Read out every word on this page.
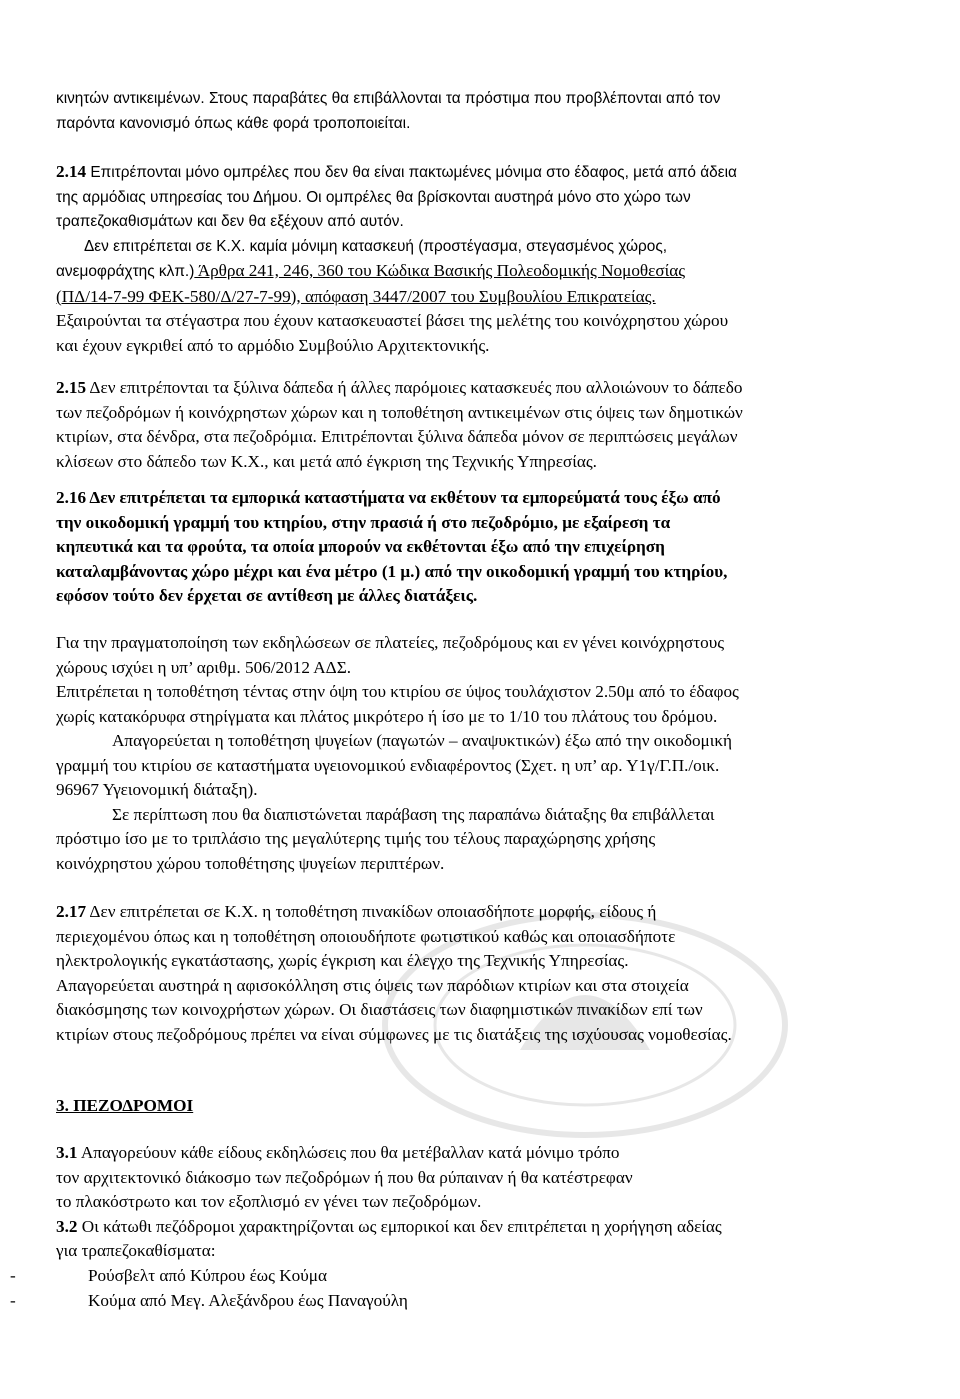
κινητών αντικειμένων. Στους παραβάτες θα επιβάλλονται τα πρόστιμα που προβλέπονται από τον

παρόντα κανονισμό όπως κάθε φορά τροποποιείται.

2.14 Επιτρέπονται μόνο ομπρέλες που δεν θα είναι πακτωμένες μόνιμα στο έδαφος, μετά από άδεια

της αρμόδιας υπηρεσίας του Δήμου. Οι ομπρέλες θα βρίσκονται αυστηρά μόνο στο χώρο των

τραπεζοκαθισμάτων και δεν θα εξέχουν από αυτόν.

Δεν επιτρέπεται σε Κ.Χ. καμία μόνιμη κατασκευή (προστέγασμα, στεγασμένος χώρος,

ανεμοφράχτης κλπ.) Άρθρα 241, 246, 360 του Κώδικα Βασικής Πολεοδομικής Νομοθεσίας

(ΠΔ/14-7-99 ΦΕΚ-580/Δ/27-7-99), απόφαση 3447/2007 του Συμβουλίου Επικρατείας.

Εξαιρούνται τα στέγαστρα που έχουν κατασκευαστεί βάσει της μελέτης του κοινόχρηστου χώρου

και έχουν εγκριθεί από το αρμόδιο Συμβούλιο Αρχιτεκτονικής.

2.15 Δεν επιτρέπονται τα ξύλινα δάπεδα ή άλλες παρόμοιες κατασκευές που αλλοιώνουν το δάπεδο

των πεζοδρόμων ή κοινόχρηστων χώρων και η τοποθέτηση αντικειμένων στις όψεις των δημοτικών

κτιρίων, στα δένδρα, στα πεζοδρόμια. Επιτρέπονται ξύλινα δάπεδα μόνον σε περιπτώσεις μεγάλων

κλίσεων στο δάπεδο των Κ.Χ., και μετά από έγκριση της Τεχνικής Υπηρεσίας.

2.16 Δεν επιτρέπεται τα εμπορικά καταστήματα να εκθέτουν τα εμπορεύματά τους έξω από

την οικοδομική γραμμή του κτηρίου, στην πρασιά ή στο πεζοδρόμιο, με εξαίρεση τα

κηπευτικά και τα φρούτα, τα οποία μπορούν να εκθέτονται έξω από την επιχείρηση

καταλαμβάνοντας χώρο μέχρι και ένα μέτρο (1 μ.) από την οικοδομική γραμμή του κτηρίου,

εφόσον τούτο δεν έρχεται σε αντίθεση με άλλες διατάξεις.

Για την πραγματοποίηση των εκδηλώσεων σε πλατείες, πεζοδρόμους και εν γένει κοινόχρηστους

χώρους ισχύει η υπ’ αριθμ. 506/2012 ΑΔΣ.

Επιτρέπεται η τοποθέτηση τέντας στην όψη του κτιρίου σε ύψος τουλάχιστον 2.50μ από το έδαφος

χωρίς κατακόρυφα στηρίγματα και πλάτος μικρότερο ή ίσο με το 1/10 του πλάτους του δρόμου.

Απαγορεύεται η τοποθέτηση ψυγείων (παγωτών – αναψυκτικών) έξω από την οικοδομική

γραμμή του κτιρίου σε καταστήματα υγειονομικού ενδιαφέροντος (Σχετ. η υπ’ αρ. Υ1γ/Γ.Π./οικ.

96967 Υγειονομική διάταξη).

Σε περίπτωση που θα διαπιστώνεται παράβαση της παραπάνω διάταξης θα επιβάλλεται

πρόστιμο ίσο με το τριπλάσιο της μεγαλύτερης τιμής του τέλους παραχώρησης χρήσης

κοινόχρηστου χώρου τοποθέτησης ψυγείων περιπτέρων.

2.17 Δεν επιτρέπεται σε Κ.Χ. η τοποθέτηση πινακίδων οποιασδήποτε μορφής, είδους ή

περιεχομένου όπως και η τοποθέτηση οποιουδήποτε φωτιστικού καθώς και οποιασδήποτε

ηλεκτρολογικής εγκατάστασης, χωρίς έγκριση και έλεγχο της Τεχνικής Υπηρεσίας.

Απαγορεύεται αυστηρά η αφισοκόλληση στις όψεις των παρόδιων κτιρίων και στα στοιχεία

διακόσμησης των κοινοχρήστων χώρων. Οι διαστάσεις των διαφημιστικών πινακίδων επί των

κτιρίων στους πεζοδρόμους πρέπει να είναι σύμφωνες με τις διατάξεις της ισχύουσας νομοθεσίας.

3. ΠΕΖΟΔΡΟΜΟΙ

3.1 Απαγορεύουν κάθε είδους εκδηλώσεις που θα μετέβαλλαν κατά μόνιμο τρόπο

τον αρχιτεκτονικό διάκοσμο των πεζοδρόμων ή που θα ρύπαιναν ή θα κατέστρεφαν

το πλακόστρωτο και τον εξοπλισμό εν γένει των πεζοδρόμων.

3.2 Οι κάτωθι πεζόδρομοι χαρακτηρίζονται ως εμπορικοί και δεν επιτρέπεται η χορήγηση αδείας

για τραπεζοκαθίσματα:

-	Ρούσβελτ από Κύπρου έως Κούμα

-	Κούμα από Μεγ. Αλεξάνδρου έως Παναγούλη
